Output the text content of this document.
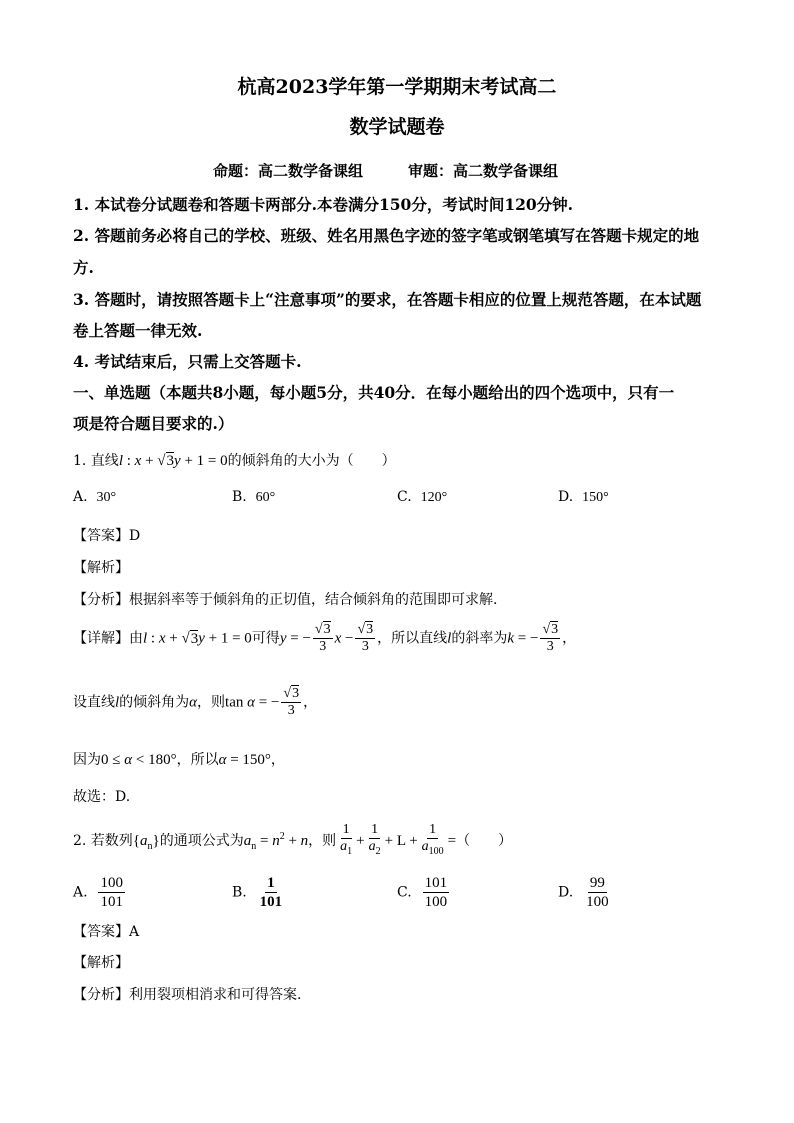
杭高2023学年第一学期期末考试高二
数学试题卷
命题：高二数学备课组　　　审题：高二数学备课组
1. 本试卷分试题卷和答题卡两部分.本卷满分150分，考试时间120分钟.
2. 答题前务必将自己的学校、班级、姓名用黑色字迹的签字笔或钢笔填写在答题卡规定的地
方.
3. 答题时，请按照答题卡上“注意事项”的要求，在答题卡相应的位置上规范答题，在本试题
卷上答题一律无效.
4. 考试结束后，只需上交答题卡.
一、单选题（本题共8小题，每小题5分，共40分．在每小题给出的四个选项中，只有一
项是符合题目要求的.）
1. 直线l : x + √3y + 1 = 0的倾斜角的大小为（　　）
A. 30°	B. 60°	C. 120°	D. 150°
【答案】D
【解析】
【分析】根据斜率等于倾斜角的正切值，结合倾斜角的范围即可求解.
【详解】由l : x + √3y + 1 = 0可得y = − $\frac{√3}{3}$ $x - \frac{√3}{3}$ ，所以直线l的斜率为k = − $\frac{√3}{3}$ ，
设直线l的倾斜角为α，则tan α = − $\frac{√3}{3}$ ，
因为0 ≤ α < 180°，所以α = 150°，
故选：D.
2. 若数列$\{a_n\}$的通项公式为$a_n = n^2 + n$，则 $\frac{1}{a_1} + \frac{1}{a_2} + L + \frac{1}{a_{100}}$ =（　　）
A. $\frac{100}{101}$	B. $\frac{1}{101}$	C. $\frac{101}{100}$	D. $\frac{99}{100}$
【答案】A
【解析】
【分析】利用裂项相消求和可得答案.
